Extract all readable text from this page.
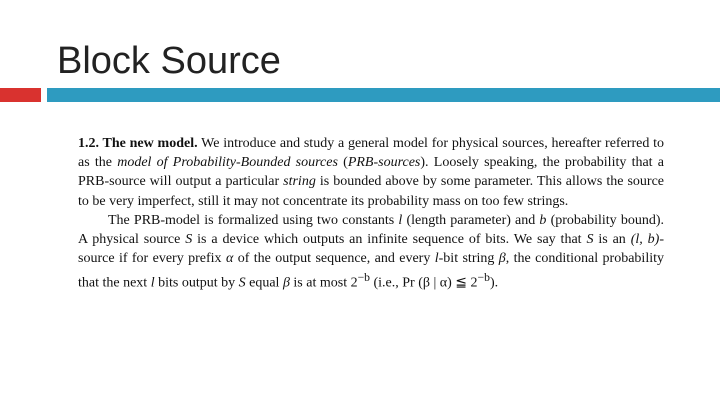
Block Source

1.2. The new model. We introduce and study a general model for physical sources, hereafter referred to as the model of Probability-Bounded sources (PRB-sources). Loosely speaking, the probability that a PRB-source will output a particular string is bounded above by some parameter. This allows the source to be very imperfect, still it may not concentrate its probability mass on too few strings.

The PRB-model is formalized using two constants l (length parameter) and b (probability bound). A physical source S is a device which outputs an infinite sequence of bits. We say that S is an (l, b)-source if for every prefix α of the output sequence, and every l-bit string β, the conditional probability that the next l bits output by S equal β is at most $2^{-b}$ (i.e., Pr (β | α) ≦ $2^{-b}$).
